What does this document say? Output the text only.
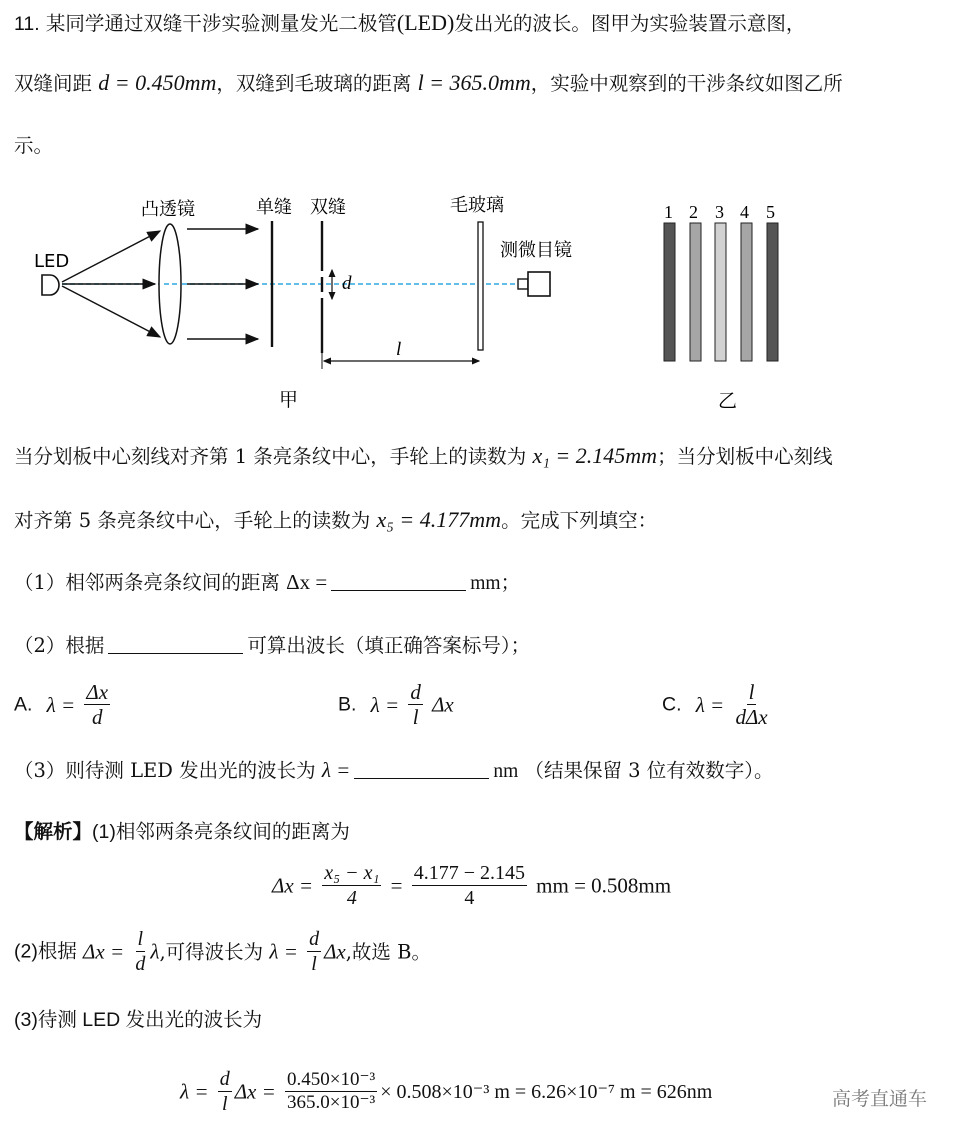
11. 某同学通过双缝干涉实验测量发光二极管(LED)发出光的波长。图甲为实验装置示意图，
双缝间距 d = 0.450mm，双缝到毛玻璃的距离 l = 365.0mm，实验中观察到的干涉条纹如图乙所
示。
LED
凸透镜	单缝 双缝
d
毛玻璃
l
测微目镜
甲
1 2 3 4 5
乙
当分划板中心刻线对齐第 1 条亮条纹中心，手轮上的读数为 x₁ = 2.145mm；当分划板中心刻线
对齐第 5 条亮条纹中心，手轮上的读数为 x₅ = 4.177mm。完成下列填空：
（1）相邻两条亮条纹间的距离 Δx =	mm；
（2）根据	可算出波长（填正确答案标号）；
A. $\lambda = \frac{\Delta x}{d}$	B. $\lambda = \frac{d}{l}$ Δx	C. $\lambda = \frac{l}{\text{dΔx}}$
（3）则待测 LED 发出光的波长为 λ =	nm （结果保留 3 位有效数字）。
【解析】(1)相邻两条亮条纹间的距离为
$\Delta x = \frac{\text{x₅ − x₁}}{4} = \frac{4.177 - 2.145}{4}$ mm = 0.508mm
(2)根据 $\Delta x = \frac{l}{d} \lambda$,可得波长为 $\lambda = \frac{d}{l} \Delta x$,故选 B。
(3)待测 LED 发出光的波长为
$\lambda = \frac{d}{l}$ $\Delta x = \frac{\text{0.450×10⁻³}}{\text{365.0×10⁻³}} \times 0.508\times 10^{-3}$ m = 6.26×10⁻⁷ m = 626nm	高考直通车
